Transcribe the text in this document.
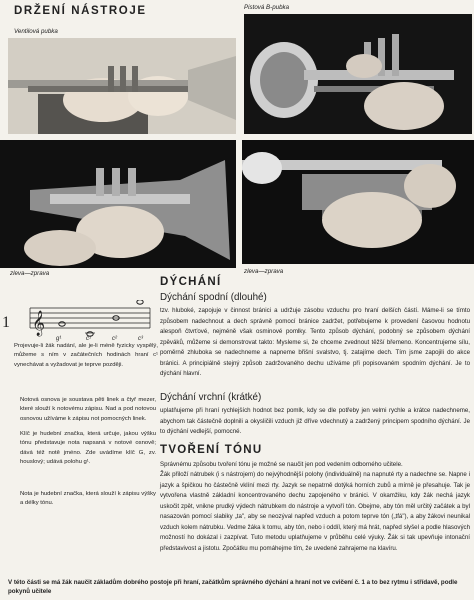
DRŽENÍ NÁSTROJE
Ventilová pubka
Pistová B-pubka
zleva—zprava	zleva—zprava
𝄞
1
g¹	c¹	c²	c³
Projevuje-li žák nadání, ale je-li méně fyzicky vyspělý, můžeme s ním v začátečních hodinách hraní c¹ vynechávat a vyžadovat je teprve později.
Notová osnova je soustava pěti linek a čtyř mezer, které slouží k notovému zápisu. Nad a pod notovou osnovou užíváme k zápisu not pomocných linek.
Klíč je hudební značka, která určuje, jakou výšku tónu představuje nota napsaná v notové osnově; dává též notě jméno. Zde uvádíme klíč G, zv. houslový; udává polohu g¹.
Nota je hudební značka, která slouží k zápisu výšky a délky tónu.
DÝCHÁNÍ
Dýchání spodní (dlouhé)
tzv. hluboké, zapojuje v činnost bránici a udržuje zásobu vzduchu pro hraní delších částí. Máme-li se tímto způsobem nadechnout a dech správně pomocí bránice zadržet, potřebujeme k provedení časovou hodnotu alespoň čtvrťové, nejméně však osminové pomlky. Tento způsob dýchání, podobný se způsobem dýchání zpěváků, můžeme si demonstrovat takto: Mysleme si, že chceme zvednout těžší břemeno. Koncentrujeme sílu, poměrně zhluboka se nadechneme a napneme břišní svalstvo, tj. zatajíme dech. Tím jsme zapojili do akce bránici. A principiálně stejný způsob zadržovaného dechu užíváme při popisovaném spodním dýchání. Je to dýchání hlavní.
Dýchání vrchní (krátké)
uplatňujeme při hraní rychlejších hodnot bez pomlk, kdy se dle potřeby jen velmi rychle a krátce nadechneme, abychom tak částečně doplnili a okysličili vzduch již dříve vdechnutý a zadržený principem spodního dýchání. Je to dýchání vedlejší, pomocné.
TVOŘENÍ TÓNU
Správnému způsobu tvoření tónu je možné se naučit jen pod vedením odborného učitele.
Žák přiloží nátrubek (i s nástrojem) do nejvýhodnější polohy (individuálně) na napnuté rty a nadechne se. Napne i jazyk a špičkou ho částečně vklíní mezi rty. Jazyk se nepatrně dotýká horních zubů a mírně je přesahuje. Tak je vytvořena vlastně základní koncentrovaného dechu zapojeného v bránici. V okamžiku, kdy žák nechá jazyk uskočit zpět, vnikne prudký výdech nátrubkem do nástroje a vytvoří tón. Obejme, aby tón měl určitý začátek a byl nasazován pomocí slabiky „ta", aby se neozýval napřed vzduch a potom teprve tón („tfá"), a aby žákovi neunikal vzduch kolem nátrubku. Vedme žáka k tomu, aby tón, nebo i oddíl, který má hrát, napřed slyšel a podle hlasových možností ho dokázal i zazpívat. Tuto metodu uplatňujeme v průběhu celé výuky. Žák si tak upevňuje intonační představivost a jistotu. Zpočátku mu pomáhejme tím, že uvedené zahrajeme na klavíru.
V této části se má žák naučit základům dobrého postoje při hraní, začátkům správného dýchání a hraní not ve cvičení č. 1 a to bez rytmu i střídavě, podle pokynů učitele
